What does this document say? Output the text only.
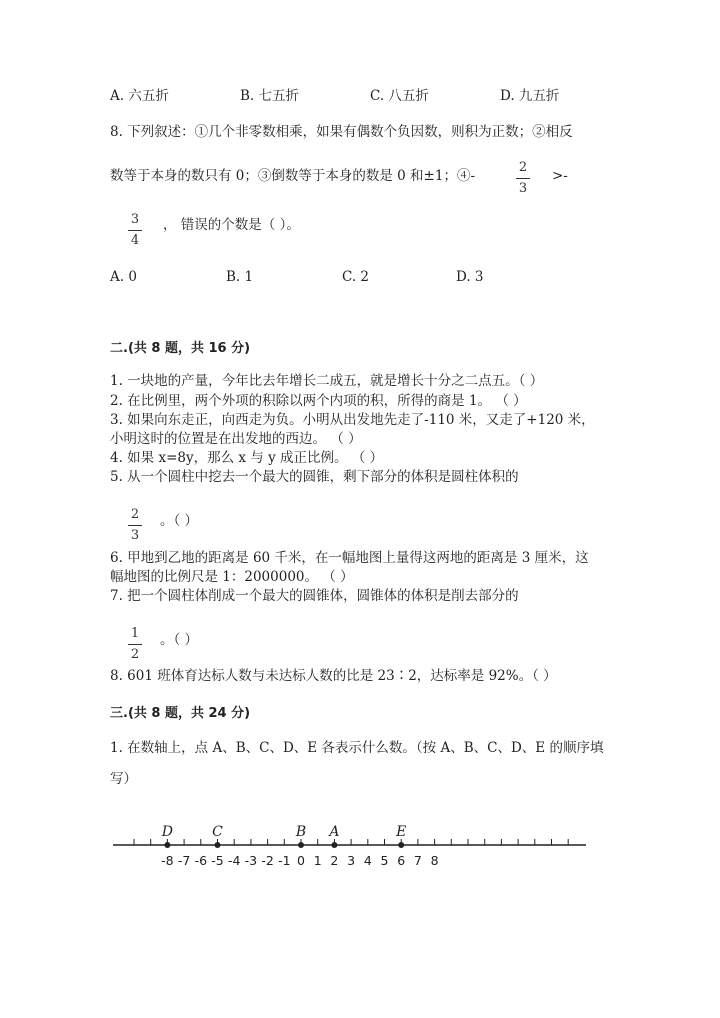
A. 六五折	B. 七五折	C. 八五折	D. 九五折
8. 下列叙述：①几个非零数相乘，如果有偶数个负因数，则积为正数；②相反
数等于本身的数只有 0；③倒数等于本身的数是 0 和±1；④-
2
3
>-
3
4
， 错误的个数是（ ）。
A. 0	B. 1	C. 2	D. 3
二.(共 8 题，共 16 分)
1. 一块地的产量，今年比去年增长二成五，就是增长十分之二点五。（ ）
2. 在比例里，两个外项的积除以两个内项的积，所得的商是 1。 （ ）
3. 如果向东走正，向西走为负。小明从出发地先走了-110 米，又走了+120 米，
小明这时的位置是在出发地的西边。 （ ）
4. 如果 x=8y，那么 x 与 y 成正比例。 （ ）
5. 从一个圆柱中挖去一个最大的圆锥，剩下部分的体积是圆柱体积的
2
3
。（ ）
6. 甲地到乙地的距离是 60 千米，在一幅地图上量得这两地的距离是 3 厘米，这
幅地图的比例尺是 1：2000000。 （ ）
7. 把一个圆柱体削成一个最大的圆锥体，圆锥体的体积是削去部分的
1
2
。（ ）
8. 601 班体育达标人数与未达标人数的比是 23∶2，达标率是 92%。（ ）
三.(共 8 题，共 24 分)
1. 在数轴上，点 A、B、C、D、E 各表示什么数。（按 A、B、C、D、E 的顺序填
写）
-8 -7 -6 -5 -4 -3 -2 -1 0 1 2 3 4 5 6 7 8
D	C	B A	E
